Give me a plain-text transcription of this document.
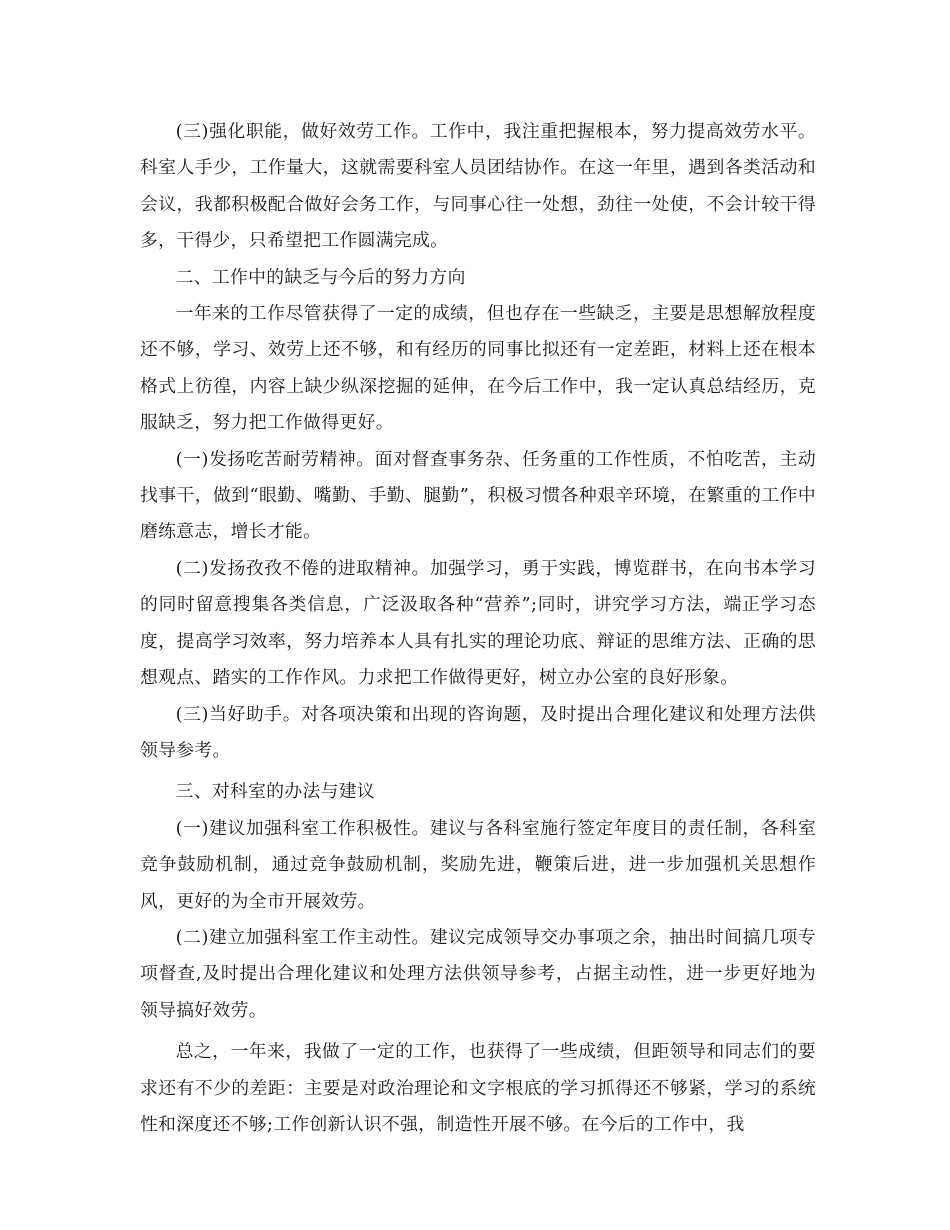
(三)强化职能，做好效劳工作。工作中，我注重把握根本，努力提高效劳水平。科室人手少，工作量大，这就需要科室人员团结协作。在这一年里，遇到各类活动和会议，我都积极配合做好会务工作，与同事心往一处想，劲往一处使，不会计较干得多，干得少，只希望把工作圆满完成。

二、工作中的缺乏与今后的努力方向

一年来的工作尽管获得了一定的成绩，但也存在一些缺乏，主要是思想解放程度还不够，学习、效劳上还不够，和有经历的同事比拟还有一定差距，材料上还在根本格式上彷徨，内容上缺少纵深挖掘的延伸，在今后工作中，我一定认真总结经历，克服缺乏，努力把工作做得更好。

(一)发扬吃苦耐劳精神。面对督查事务杂、任务重的工作性质，不怕吃苦，主动找事干，做到“眼勤、嘴勤、手勤、腿勤”，积极习惯各种艰辛环境，在繁重的工作中磨练意志，增长才能。

(二)发扬孜孜不倦的进取精神。加强学习，勇于实践，博览群书，在向书本学习的同时留意搜集各类信息，广泛汲取各种“营养”;同时，讲究学习方法，端正学习态度，提高学习效率，努力培养本人具有扎实的理论功底、辩证的思维方法、正确的思想观点、踏实的工作作风。力求把工作做得更好，树立办公室的良好形象。

(三)当好助手。对各项决策和出现的咨询题，及时提出合理化建议和处理方法供领导参考。

三、对科室的办法与建议

(一)建议加强科室工作积极性。建议与各科室施行签定年度目的责任制，各科室竞争鼓励机制，通过竞争鼓励机制，奖励先进，鞭策后进，进一步加强机关思想作风，更好的为全市开展效劳。

(二)建立加强科室工作主动性。建议完成领导交办事项之余，抽出时间搞几项专项督查,及时提出合理化建议和处理方法供领导参考，占据主动性，进一步更好地为领导搞好效劳。

总之，一年来，我做了一定的工作，也获得了一些成绩，但距领导和同志们的要求还有不少的差距：主要是对政治理论和文字根底的学习抓得还不够紧，学习的系统性和深度还不够;工作创新认识不强，制造性开展不够。在今后的工作中，我
